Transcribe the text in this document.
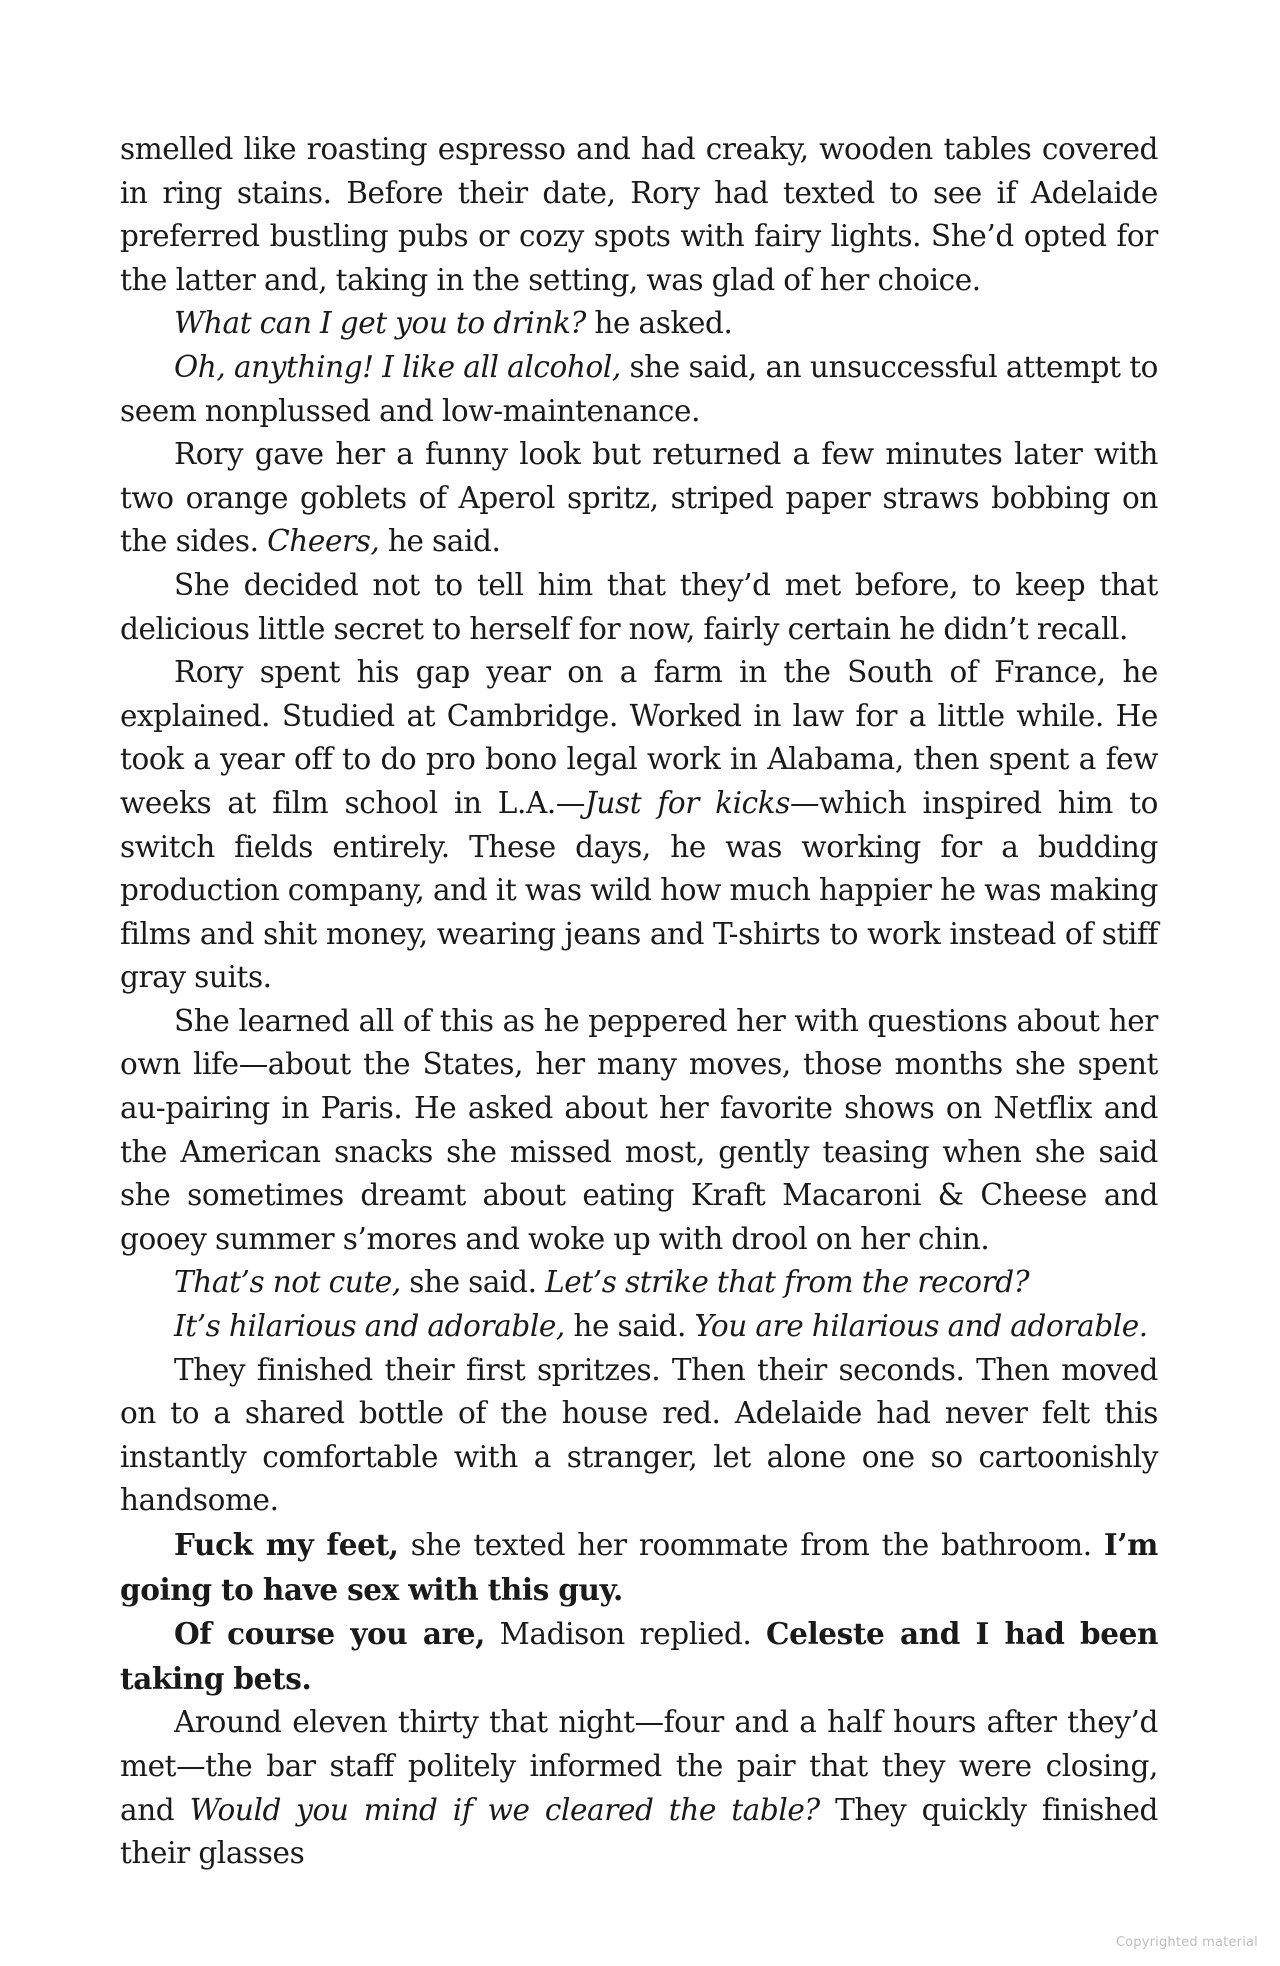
smelled like roasting espresso and had creaky, wooden tables covered in ring stains. Before their date, Rory had texted to see if Adelaide preferred bustling pubs or cozy spots with fairy lights. She’d opted for the latter and, taking in the setting, was glad of her choice.

What can I get you to drink? he asked.

Oh, anything! I like all alcohol, she said, an unsuccessful attempt to seem nonplussed and low-maintenance.

Rory gave her a funny look but returned a few minutes later with two orange goblets of Aperol spritz, striped paper straws bobbing on the sides. Cheers, he said.

She decided not to tell him that they’d met before, to keep that delicious little secret to herself for now, fairly certain he didn’t recall.

Rory spent his gap year on a farm in the South of France, he explained. Studied at Cambridge. Worked in law for a little while. He took a year off to do pro bono legal work in Alabama, then spent a few weeks at film school in L.A.—Just for kicks—which inspired him to switch fields entirely. These days, he was working for a budding production company, and it was wild how much happier he was making films and shit money, wearing jeans and T-shirts to work instead of stiff gray suits.

She learned all of this as he peppered her with questions about her own life—about the States, her many moves, those months she spent au-pairing in Paris. He asked about her favorite shows on Netflix and the American snacks she missed most, gently teasing when she said she sometimes dreamt about eating Kraft Macaroni & Cheese and gooey summer s’mores and woke up with drool on her chin.

That’s not cute, she said. Let’s strike that from the record?

It’s hilarious and adorable, he said. You are hilarious and adorable.

They finished their first spritzes. Then their seconds. Then moved on to a shared bottle of the house red. Adelaide had never felt this instantly comfortable with a stranger, let alone one so cartoonishly handsome.

Fuck my feet, she texted her roommate from the bathroom. I’m going to have sex with this guy.

Of course you are, Madison replied. Celeste and I had been taking bets.

Around eleven thirty that night—four and a half hours after they’d met—the bar staff politely informed the pair that they were closing, and Would you mind if we cleared the table? They quickly finished their glasses

Copyrighted material
